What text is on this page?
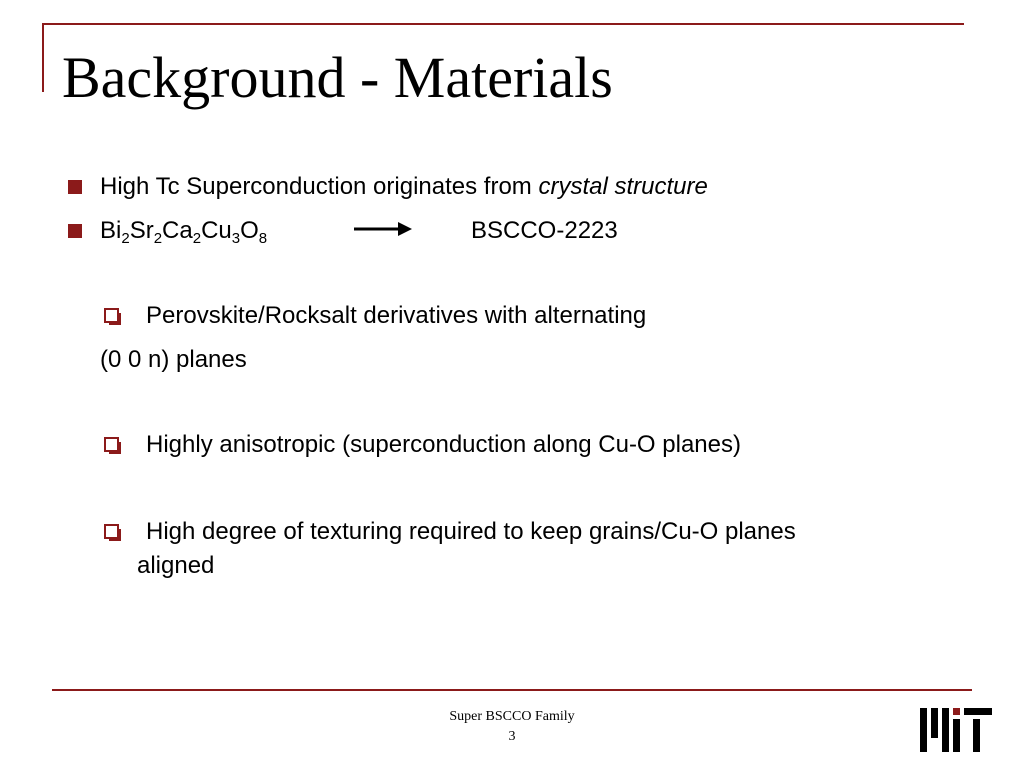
Background - Materials
High Tc Superconduction originates from crystal structure
$Bi_2Sr_2Ca_2Cu_3O_8$	BSCCO-2223
Perovskite/Rocksalt derivatives with alternating
(0 0 n) planes
Highly anisotropic (superconduction along Cu-O planes)
High degree of texturing required to keep grains/Cu-O planes
aligned
Super BSCCO Family
3
